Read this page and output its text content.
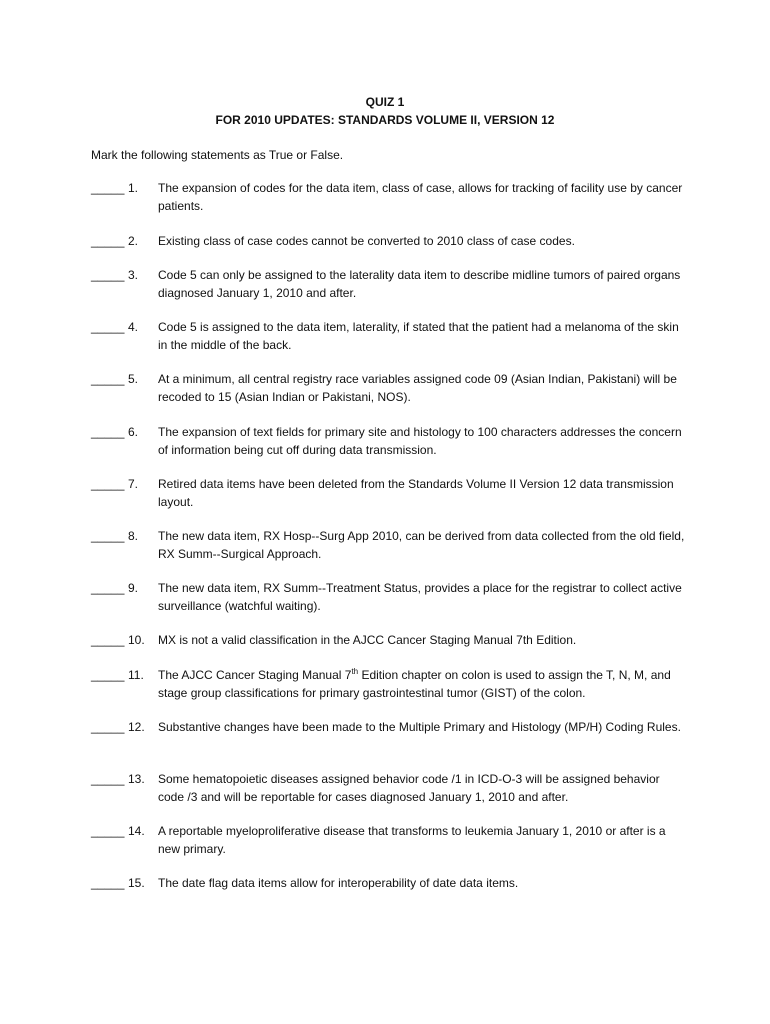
QUIZ 1
FOR 2010 UPDATES: STANDARDS VOLUME II, VERSION 12
Mark the following statements as True or False.
_____ 1. The expansion of codes for the data item, class of case, allows for tracking of facility use by cancer patients.
_____ 2. Existing class of case codes cannot be converted to 2010 class of case codes.
_____ 3. Code 5 can only be assigned to the laterality data item to describe midline tumors of paired organs diagnosed January 1, 2010 and after.
_____ 4. Code 5 is assigned to the data item, laterality, if stated that the patient had a melanoma of the skin in the middle of the back.
_____ 5. At a minimum, all central registry race variables assigned code 09 (Asian Indian, Pakistani) will be recoded to 15 (Asian Indian or Pakistani, NOS).
_____ 6. The expansion of text fields for primary site and histology to 100 characters addresses the concern of information being cut off during data transmission.
_____ 7. Retired data items have been deleted from the Standards Volume II Version 12 data transmission layout.
_____ 8. The new data item, RX Hosp--Surg App 2010, can be derived from data collected from the old field, RX Summ--Surgical Approach.
_____ 9. The new data item, RX Summ--Treatment Status, provides a place for the registrar to collect active surveillance (watchful waiting).
_____ 10. MX is not a valid classification in the AJCC Cancer Staging Manual 7th Edition.
_____ 11. The AJCC Cancer Staging Manual 7th Edition chapter on colon is used to assign the T, N, M, and stage group classifications for primary gastrointestinal tumor (GIST) of the colon.
_____ 12. Substantive changes have been made to the Multiple Primary and Histology (MP/H) Coding Rules.
_____ 13. Some hematopoietic diseases assigned behavior code /1 in ICD-O-3 will be assigned behavior code /3 and will be reportable for cases diagnosed January 1, 2010 and after.
_____ 14. A reportable myeloproliferative disease that transforms to leukemia January 1, 2010 or after is a new primary.
_____ 15. The date flag data items allow for interoperability of date data items.
